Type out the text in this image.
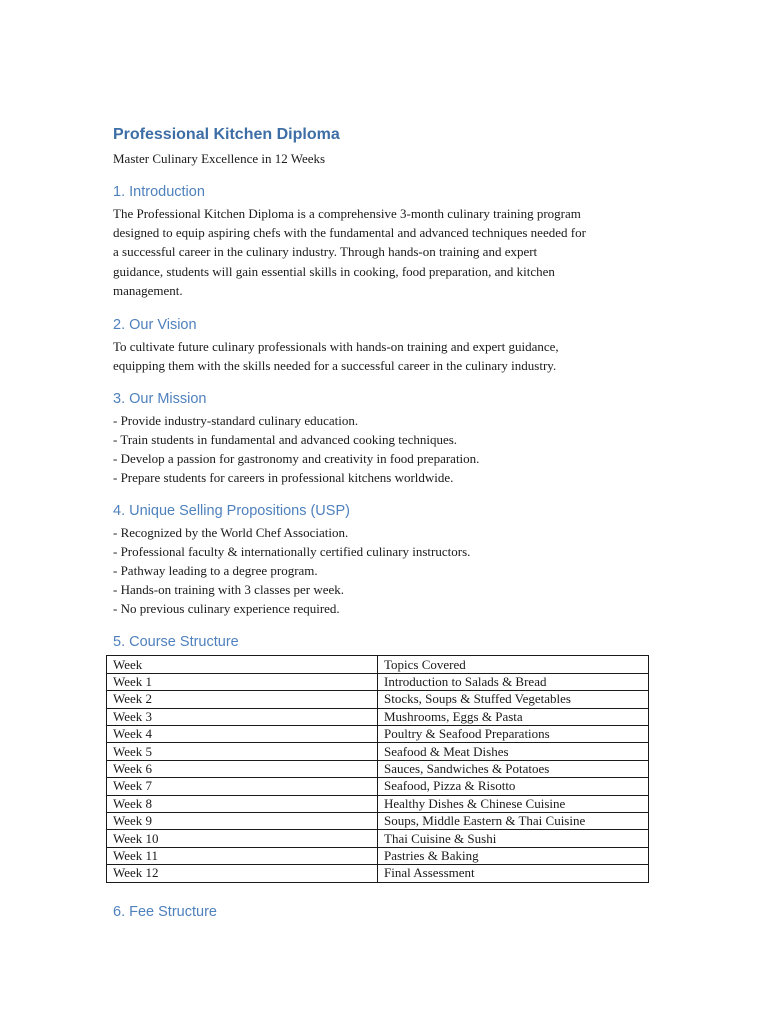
Professional Kitchen Diploma

Master Culinary Excellence in 12 Weeks

1. Introduction

The Professional Kitchen Diploma is a comprehensive 3-month culinary training program

designed to equip aspiring chefs with the fundamental and advanced techniques needed for

a successful career in the culinary industry. Through hands-on training and expert

guidance, students will gain essential skills in cooking, food preparation, and kitchen

management.

2. Our Vision

To cultivate future culinary professionals with hands-on training and expert guidance,

equipping them with the skills needed for a successful career in the culinary industry.

3. Our Mission

- Provide industry-standard culinary education.

- Train students in fundamental and advanced cooking techniques.

- Develop a passion for gastronomy and creativity in food preparation.

- Prepare students for careers in professional kitchens worldwide.

4. Unique Selling Propositions (USP)

- Recognized by the World Chef Association.

- Professional faculty & internationally certified culinary instructors.

- Pathway leading to a degree program.

- Hands-on training with 3 classes per week.

- No previous culinary experience required.

5. Course Structure
Week	Topics Covered
Week 1	Introduction to Salads & Bread
Week 2	Stocks, Soups & Stuffed Vegetables
Week 3	Mushrooms, Eggs & Pasta
Week 4	Poultry & Seafood Preparations
Week 5	Seafood & Meat Dishes
Week 6	Sauces, Sandwiches & Potatoes
Week 7	Seafood, Pizza & Risotto
Week 8	Healthy Dishes & Chinese Cuisine
Week 9	Soups, Middle Eastern & Thai Cuisine
Week 10	Thai Cuisine & Sushi
Week 11	Pastries & Baking
Week 12	Final Assessment
6. Fee Structure
